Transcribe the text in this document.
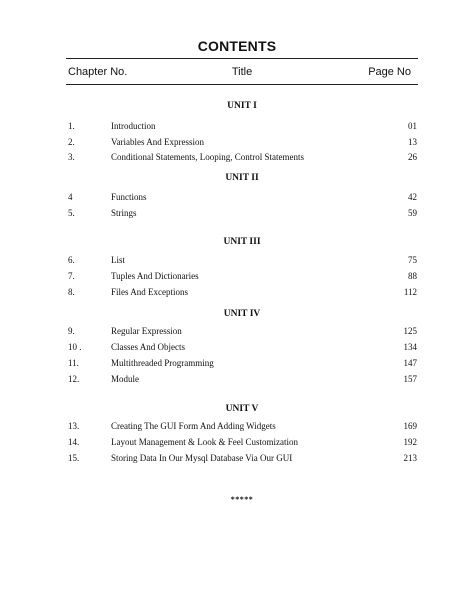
CONTENTS
Chapter No.	Title	Page No
UNIT I
1.	Introduction	01
2.	Variables And Expression	13
3.	Conditional Statements, Looping, Control Statements	26
UNIT II
4	Functions	42
5.	Strings	59
UNIT III
6.	List	75
7.	Tuples And Dictionaries	88
8.	Files And Exceptions	112
UNIT IV
9.	Regular Expression	125
10 .	Classes And Objects	134
11.	Multithreaded Programming	147
12.	Module	157
UNIT V
13.	Creating The GUI Form And Adding Widgets	169
14.	Layout Management & Look & Feel Customization	192
15.	Storing Data In Our Mysql Database Via Our GUI	213
*****
